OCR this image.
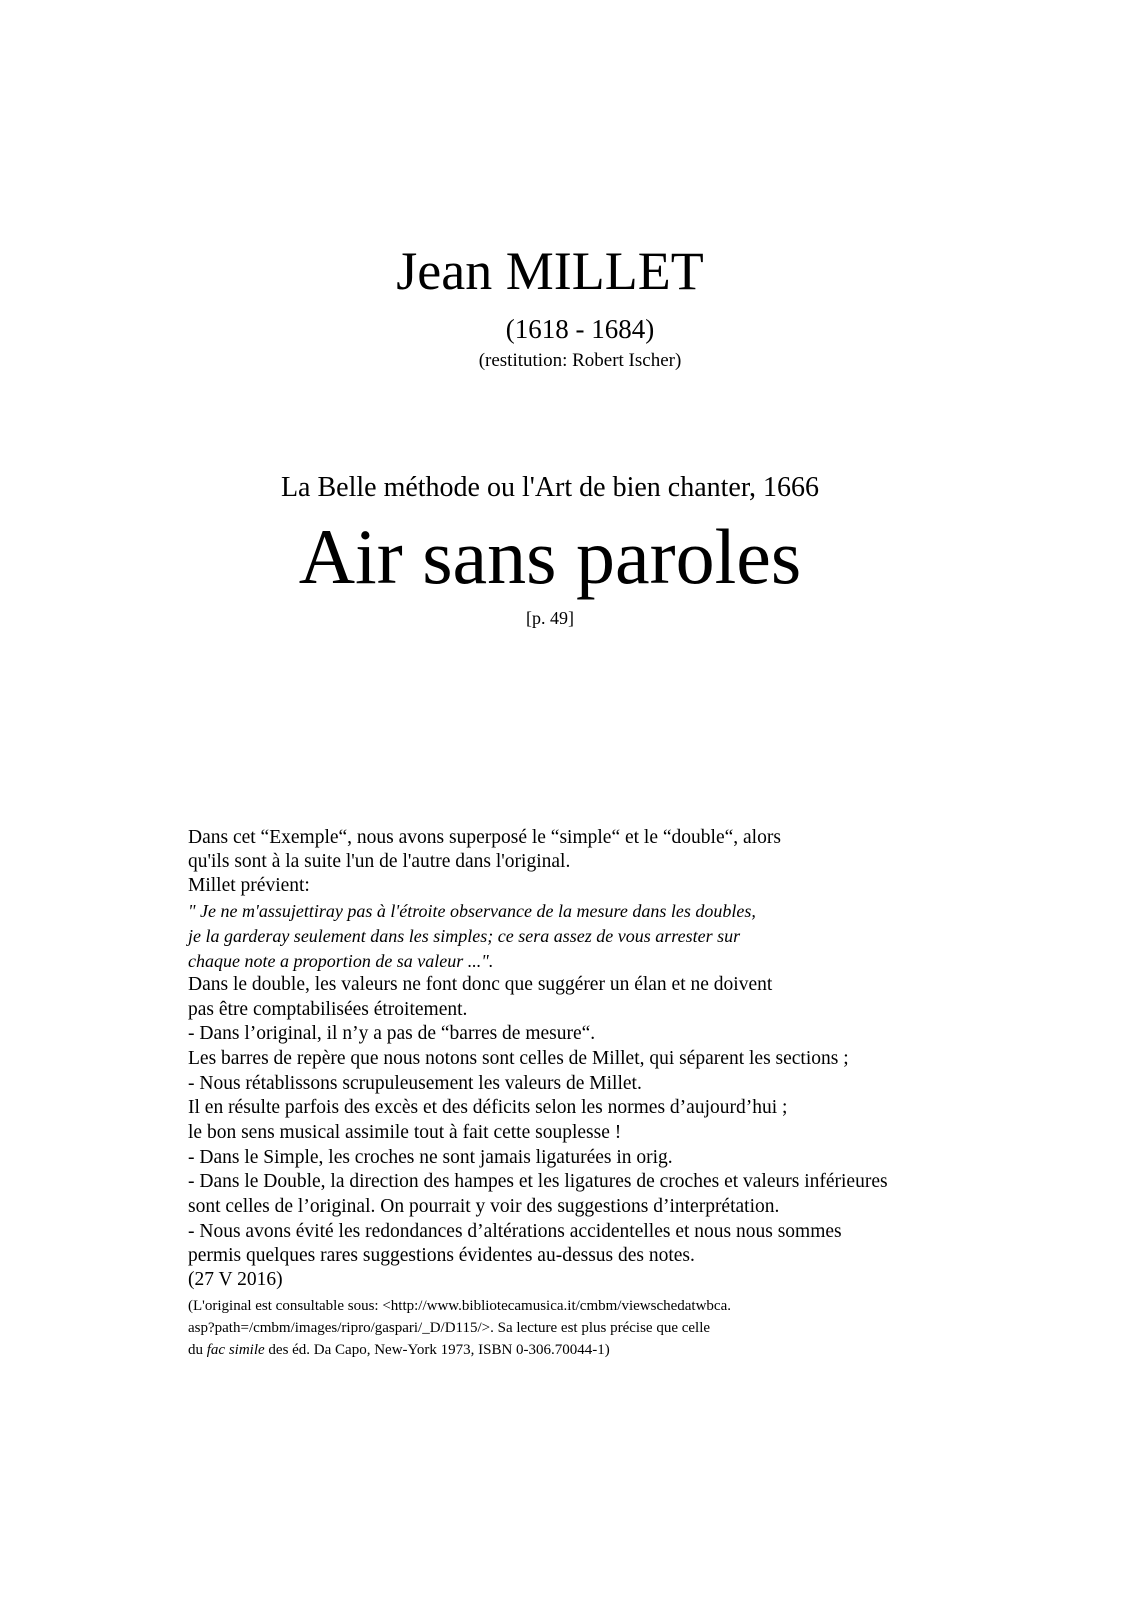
Jean MILLET
(1618 - 1684)
(restitution: Robert Ischer)
La Belle méthode ou l'Art de bien chanter, 1666
Air sans paroles
[p. 49]
Dans cet “Exemple“, nous avons superposé le “simple“ et le “double“, alors
qu'ils sont à la suite l'un de l'autre dans l'original.
Millet prévient:
" Je ne m'assujettiray pas à l'étroite observance de la mesure dans les doubles,
je la garderay seulement dans les simples; ce sera assez de vous arrester sur
chaque note a proportion de sa valeur ...".
Dans le double, les valeurs ne font donc que suggérer un élan et ne doivent
pas être comptabilisées étroitement.
- Dans l’original, il n’y a pas de “barres de mesure“.
Les barres de repère que nous notons sont celles de Millet, qui séparent les sections ;
- Nous rétablissons scrupuleusement les valeurs de Millet.
Il en résulte parfois des excès et des déficits selon les normes d’aujourd’hui ;
le bon sens musical assimile tout à fait cette souplesse !
- Dans le Simple, les croches ne sont jamais ligaturées in orig.
- Dans le Double, la direction des hampes et les ligatures de croches et valeurs inférieures
sont celles de l’original. On pourrait y voir des suggestions d’interprétation.
- Nous avons évité les redondances d’altérations accidentelles et nous nous sommes
permis quelques rares suggestions évidentes au-dessus des notes.
(27 V 2016)
(L'original est consultable sous: <http://www.bibliotecamusica.it/cmbm/viewschedatwbca.
asp?path=/cmbm/images/ripro/gaspari/_D/D115/>. Sa lecture est plus précise que celle
du fac simile des éd. Da Capo, New-York 1973, ISBN 0-306.70044-1)
